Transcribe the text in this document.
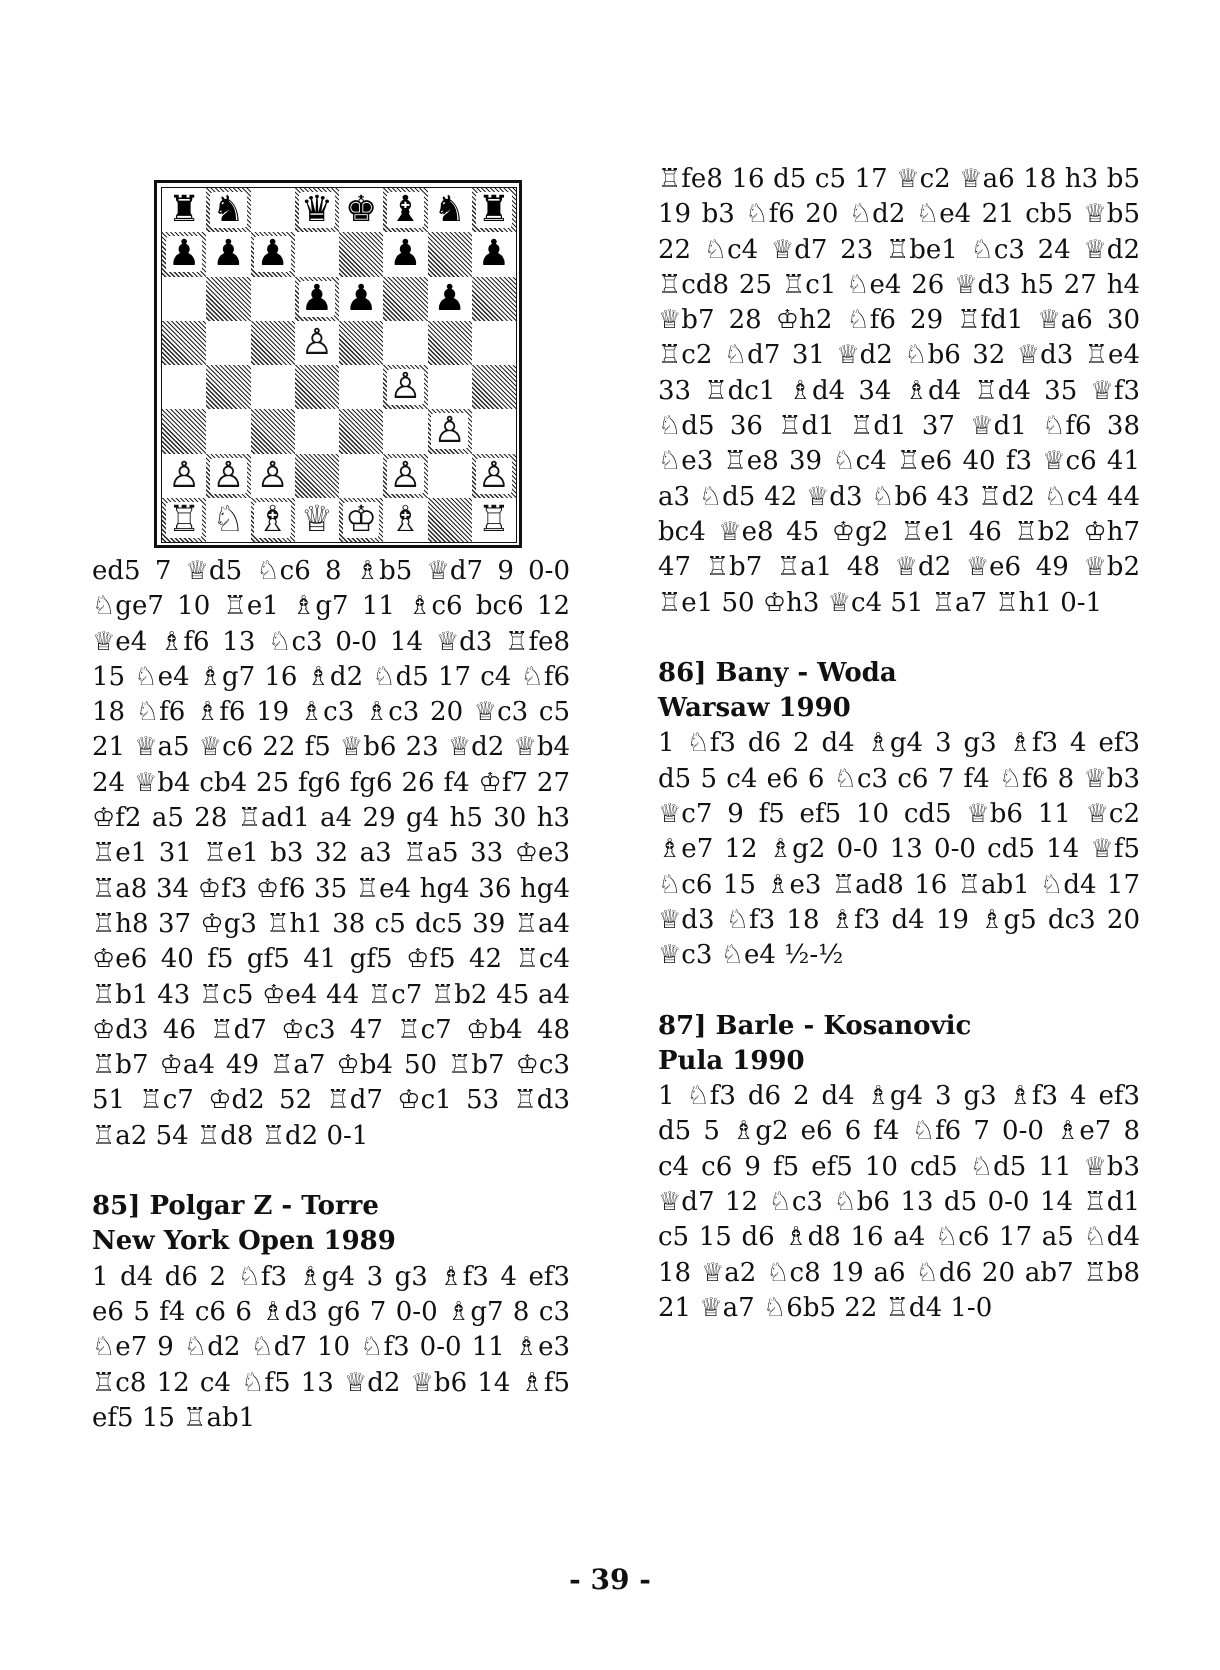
♜ ♞ ♛ ♚ ♝ ♞ ♜
♟ ♟ ♟	♟ ♟
♟ ♟ ♟
♙
♙
♙
♙ ♙ ♙	♙ ♙
♖ ♘ ♗ ♕ ♔ ♗ ♖

ed5 7 ♕d5 ♘c6 8 ♗b5 ♕d7 9 0-0 ♘ge7 10 ♖e1 ♗g7 11 ♗c6 bc6 12 ♕e4 ♗f6 13 ♘c3 0-0 14 ♕d3 ♖fe8 15 ♘e4 ♗g7 16 ♗d2 ♘d5 17 c4 ♘f6 18 ♘f6 ♗f6 19 ♗c3 ♗c3 20 ♕c3 c5 21 ♕a5 ♕c6 22 f5 ♕b6 23 ♕d2 ♕b4 24 ♕b4 cb4 25 fg6 fg6 26 f4 ♔f7 27 ♔f2 a5 28 ♖ad1 a4 29 g4 h5 30 h3 ♖e1 31 ♖e1 b3 32 a3 ♖a5 33 ♔e3 ♖a8 34 ♔f3 ♔f6 35 ♖e4 hg4 36 hg4 ♖h8 37 ♔g3 ♖h1 38 c5 dc5 39 ♖a4 ♔e6 40 f5 gf5 41 gf5 ♔f5 42 ♖c4 ♖b1 43 ♖c5 ♔e4 44 ♖c7 ♖b2 45 a4 ♔d3 46 ♖d7 ♔c3 47 ♖c7 ♔b4 48 ♖b7 ♔a4 49 ♖a7 ♔b4 50 ♖b7 ♔c3 51 ♖c7 ♔d2 52 ♖d7 ♔c1 53 ♖d3 ♖a2 54 ♖d8 ♖d2 0-1

85] Polgar Z - Torre
New York Open 1989

1 d4 d6 2 ♘f3 ♗g4 3 g3 ♗f3 4 ef3 e6 5 f4 c6 6 ♗d3 g6 7 0-0 ♗g7 8 c3 ♘e7 9 ♘d2 ♘d7 10 ♘f3 0-0 11 ♗e3 ♖c8 12 c4 ♘f5 13 ♕d2 ♕b6 14 ♗f5 ef5 15 ♖ab1

♖fe8 16 d5 c5 17 ♕c2 ♕a6 18 h3 b5 19 b3 ♘f6 20 ♘d2 ♘e4 21 cb5 ♕b5 22 ♘c4 ♕d7 23 ♖be1 ♘c3 24 ♕d2 ♖cd8 25 ♖c1 ♘e4 26 ♕d3 h5 27 h4 ♕b7 28 ♔h2 ♘f6 29 ♖fd1 ♕a6 30 ♖c2 ♘d7 31 ♕d2 ♘b6 32 ♕d3 ♖e4 33 ♖dc1 ♗d4 34 ♗d4 ♖d4 35 ♕f3 ♘d5 36 ♖d1 ♖d1 37 ♕d1 ♘f6 38 ♘e3 ♖e8 39 ♘c4 ♖e6 40 f3 ♕c6 41 a3 ♘d5 42 ♕d3 ♘b6 43 ♖d2 ♘c4 44 bc4 ♕e8 45 ♔g2 ♖e1 46 ♖b2 ♔h7 47 ♖b7 ♖a1 48 ♕d2 ♕e6 49 ♕b2 ♖e1 50 ♔h3 ♕c4 51 ♖a7 ♖h1 0-1

86] Bany - Woda
Warsaw 1990

1 ♘f3 d6 2 d4 ♗g4 3 g3 ♗f3 4 ef3 d5 5 c4 e6 6 ♘c3 c6 7 f4 ♘f6 8 ♕b3 ♕c7 9 f5 ef5 10 cd5 ♕b6 11 ♕c2 ♗e7 12 ♗g2 0-0 13 0-0 cd5 14 ♕f5 ♘c6 15 ♗e3 ♖ad8 16 ♖ab1 ♘d4 17 ♕d3 ♘f3 18 ♗f3 d4 19 ♗g5 dc3 20 ♕c3 ♘e4 ½-½

87] Barle - Kosanovic
Pula 1990

1 ♘f3 d6 2 d4 ♗g4 3 g3 ♗f3 4 ef3 d5 5 ♗g2 e6 6 f4 ♘f6 7 0-0 ♗e7 8 c4 c6 9 f5 ef5 10 cd5 ♘d5 11 ♕b3 ♕d7 12 ♘c3 ♘b6 13 d5 0-0 14 ♖d1 c5 15 d6 ♗d8 16 a4 ♘c6 17 a5 ♘d4 18 ♕a2 ♘c8 19 a6 ♘d6 20 ab7 ♖b8 21 ♕a7 ♘6b5 22 ♖d4 1-0

- 39 -
